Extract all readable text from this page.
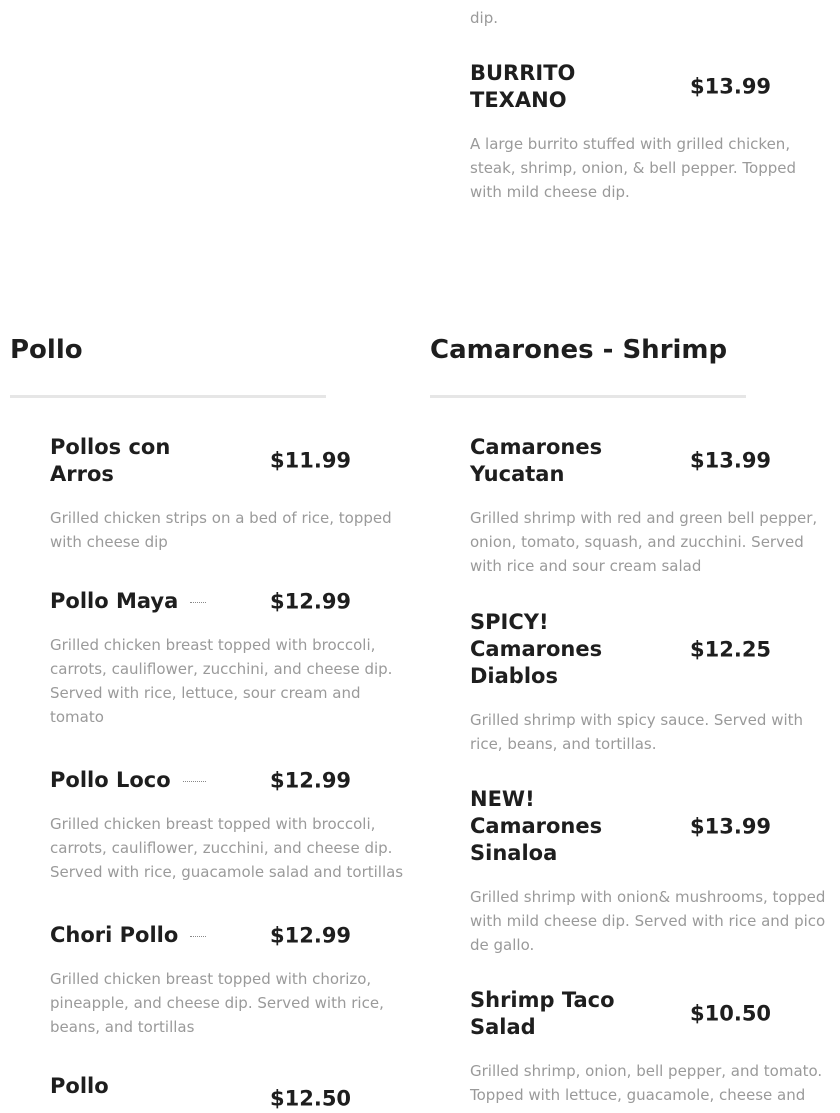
dip.
BURRITO TEXANO
$13.99
A large burrito stuffed with grilled chicken, steak, shrimp, onion, & bell pepper. Topped with mild cheese dip.
Pollo	Camarones - Shrimp
Pollos con Arros
$11.99
Grilled chicken strips on a bed of rice, topped with cheese dip
Pollo Maya	$12.99
Grilled chicken breast topped with broccoli, carrots, cauliflower, zucchini, and cheese dip. Served with rice, lettuce, sour cream and tomato
Pollo Loco	$12.99
Grilled chicken breast topped with broccoli, carrots, cauliflower, zucchini, and cheese dip. Served with rice, guacamole salad and tortillas
Chori Pollo	$12.99
Grilled chicken breast topped with chorizo, pineapple, and cheese dip. Served with rice, beans, and tortillas
Pollo
$12.50
Camarones Yucatan
$13.99
Grilled shrimp with red and green bell pepper, onion, tomato, squash, and zucchini. Served with rice and sour cream salad
SPICY! Camarones Diablos
$12.25
Grilled shrimp with spicy sauce. Served with rice, beans, and tortillas.
NEW! Camarones Sinaloa
$13.99
Grilled shrimp with onion& mushrooms, topped with mild cheese dip. Served with rice and pico de gallo.
Shrimp Taco Salad
$10.50
Grilled shrimp, onion, bell pepper, and tomato. Topped with lettuce, guacamole, cheese and
